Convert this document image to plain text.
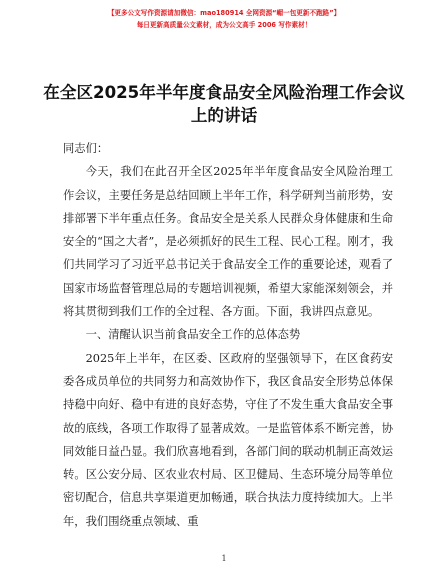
【更多公文写作资源请加微信：mao180914 全网资源“嵋一包更新不跑路”】
每日更新高质量公文素材，成为公文高手 2006 写作素材！
在全区2025年半年度食品安全风险治理工作会议上的讲话

同志们：

今天，我们在此召开全区2025年半年度食品安全风险治理工作会议，主要任务是总结回顾上半年工作，科学研判当前形势，安排部署下半年重点任务。食品安全是关系人民群众身体健康和生命安全的“国之大者”，是必须抓好的民生工程、民心工程。刚才，我们共同学习了习近平总书记关于食品安全工作的重要论述，观看了国家市场监督管理总局的专题培训视频，希望大家能深刻领会，并将其贯彻到我们工作的全过程、各方面。下面，我讲四点意见。

一、清醒认识当前食品安全工作的总体态势

2025年上半年，在区委、区政府的坚强领导下，在区食药安委各成员单位的共同努力和高效协作下，我区食品安全形势总体保持稳中向好、稳中有进的良好态势，守住了不发生重大食品安全事故的底线，各项工作取得了显著成效。一是监管体系不断完善，协同效能日益凸显。我们欣喜地看到，各部门间的联动机制正高效运转。区公安分局、区农业农村局、区卫健局、生态环境分局等单位密切配合，信息共享渠道更加畅通，联合执法力度持续加大。上半年，我们围绕重点领域、重

1
